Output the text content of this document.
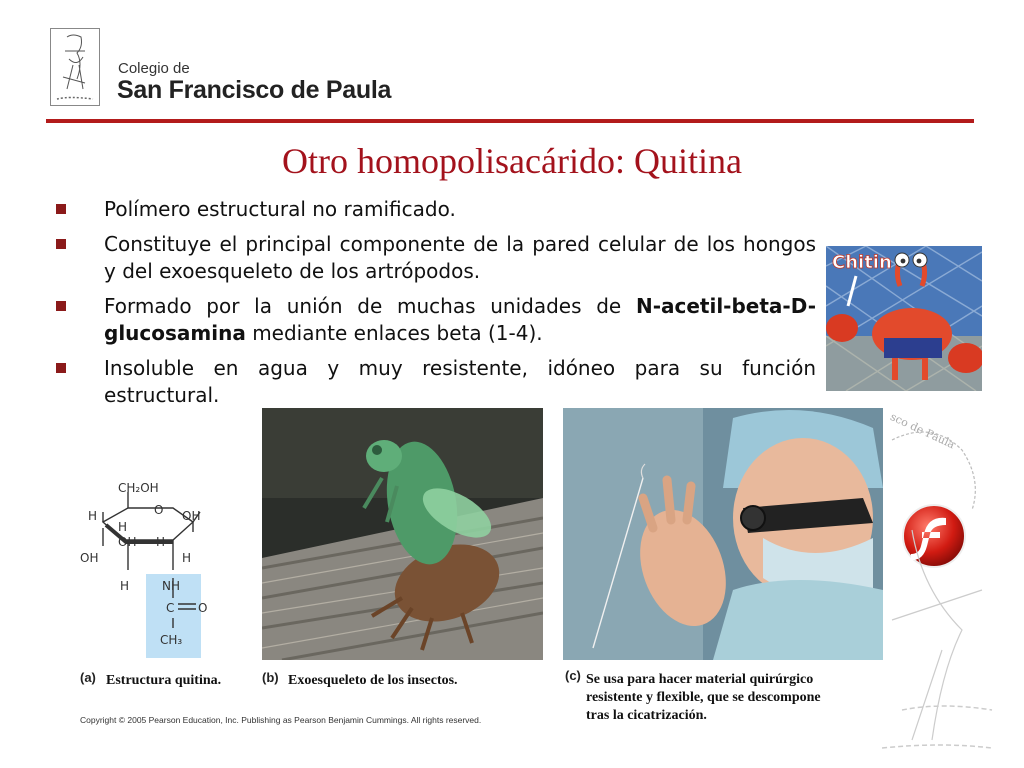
Colegio de
San Francisco de Paula
Otro homopolisacárido: Quitina
Polímero estructural no ramificado.
Constituye el principal componente de la pared celular de los hongos y del exoesqueleto de los artrópodos.
Formado por la unión de muchas unidades de N-acetil-beta-D-glucosamina mediante enlaces beta (1-4).
Insoluble en agua y muy resistente, idóneo para su función estructural.
Chitin
CH₂OH
O
H	OH
H
OH H
OH	H
H	NH
C O
CH₃
sco de Paula
(a) Estructura quitina.	(b) Exoesqueleto de los insectos.	(c) Se usa para hacer material quirúrgico
resistente y flexible, que se descompone
tras la cicatrización.
Copyright © 2005 Pearson Education, Inc. Publishing as Pearson Benjamin Cummings. All rights reserved.
